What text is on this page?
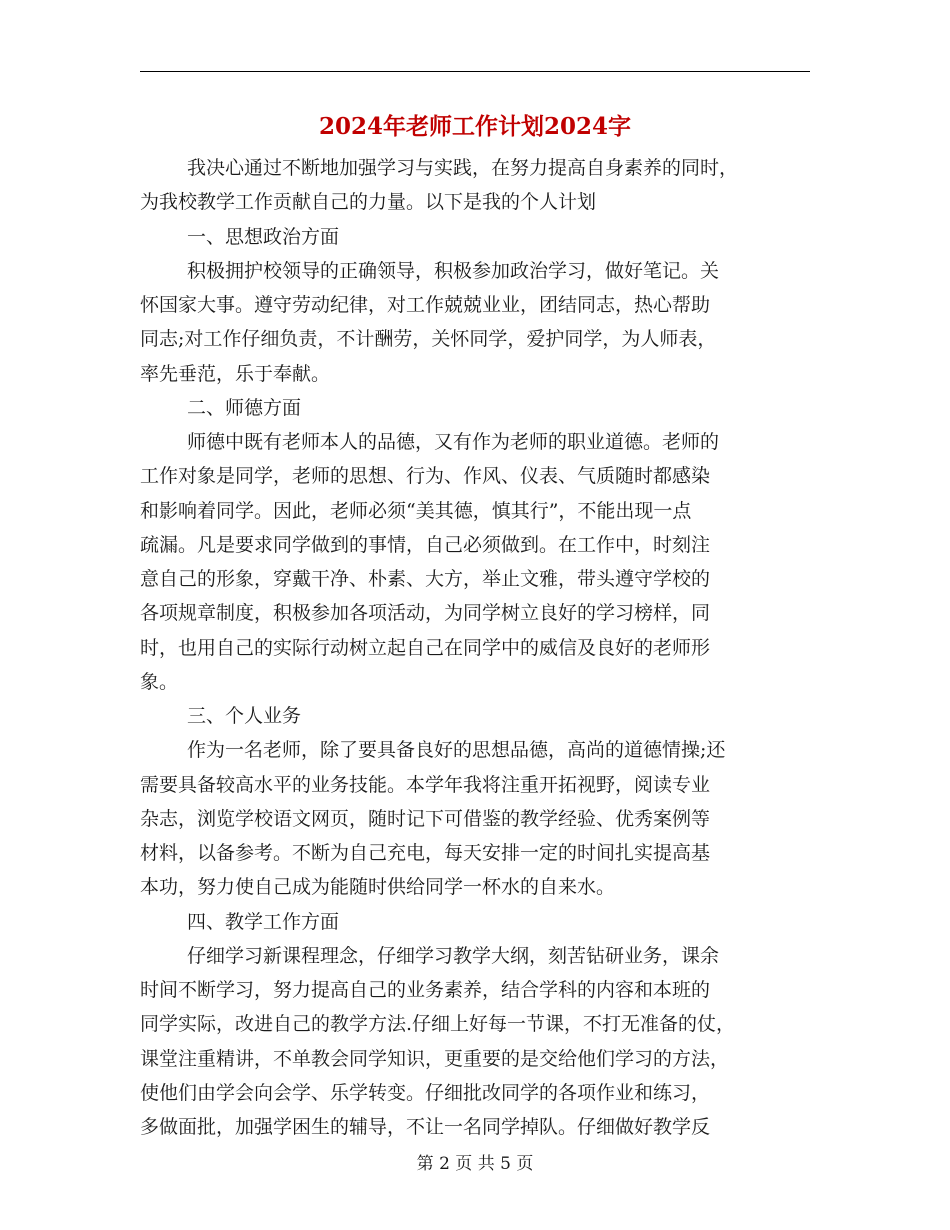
2024年老师工作计划2024字
我决心通过不断地加强学习与实践，在努力提高自身素养的同时，
为我校教学工作贡献自己的力量。以下是我的个人计划
一、思想政治方面
积极拥护校领导的正确领导，积极参加政治学习，做好笔记。关
怀国家大事。遵守劳动纪律，对工作兢兢业业，团结同志，热心帮助
同志;对工作仔细负责，不计酬劳，关怀同学，爱护同学，为人师表，
率先垂范，乐于奉献。
二、师德方面
师德中既有老师本人的品德，又有作为老师的职业道德。老师的
工作对象是同学，老师的思想、行为、作风、仪表、气质随时都感染
和影响着同学。因此，老师必须“美其德，慎其行”，不能出现一点
疏漏。凡是要求同学做到的事情，自己必须做到。在工作中，时刻注
意自己的形象，穿戴干净、朴素、大方，举止文雅，带头遵守学校的
各项规章制度，积极参加各项活动，为同学树立良好的学习榜样，同
时，也用自己的实际行动树立起自己在同学中的威信及良好的老师形
象。
三、个人业务
作为一名老师，除了要具备良好的思想品德，高尚的道德情操;还
需要具备较高水平的业务技能。本学年我将注重开拓视野，阅读专业
杂志，浏览学校语文网页，随时记下可借鉴的教学经验、优秀案例等
材料，以备参考。不断为自己充电，每天安排一定的时间扎实提高基
本功，努力使自己成为能随时供给同学一杯水的自来水。
四、教学工作方面
仔细学习新课程理念，仔细学习教学大纲，刻苦钻研业务，课余
时间不断学习，努力提高自己的业务素养，结合学科的内容和本班的
同学实际，改进自己的教学方法.仔细上好每一节课，不打无准备的仗，
课堂注重精讲，不单教会同学知识，更重要的是交给他们学习的方法，
使他们由学会向会学、乐学转变。仔细批改同学的各项作业和练习，
多做面批，加强学困生的辅导，不让一名同学掉队。仔细做好教学反
第 2 页 共 5 页
